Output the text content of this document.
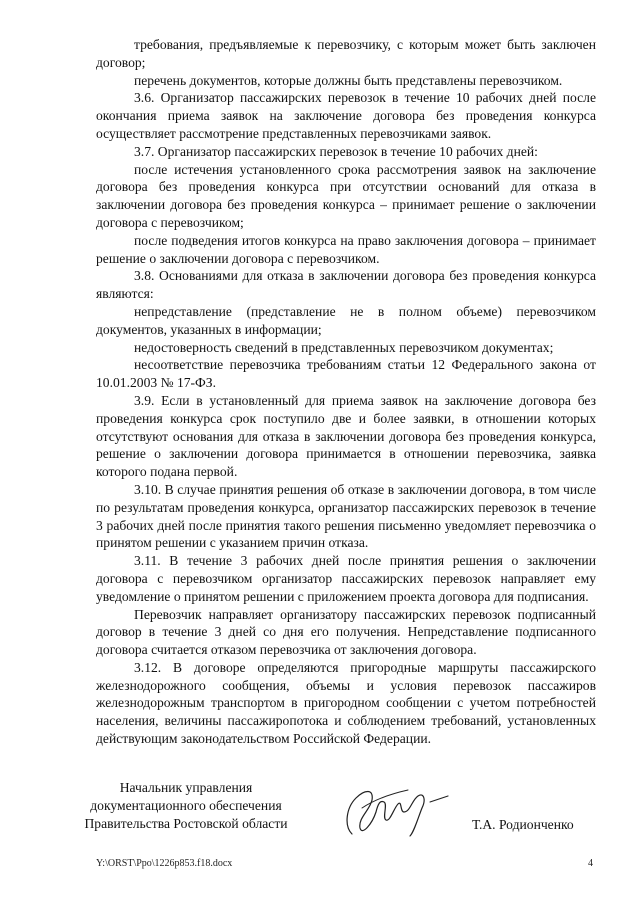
требования, предъявляемые к перевозчику, с которым может быть заключен договор;

перечень документов, которые должны быть представлены перевозчиком.

3.6. Организатор пассажирских перевозок в течение 10 рабочих дней после окончания приема заявок на заключение договора без проведения конкурса осуществляет рассмотрение представленных перевозчиками заявок.

3.7. Организатор пассажирских перевозок в течение 10 рабочих дней:

после истечения установленного срока рассмотрения заявок на заключение договора без проведения конкурса при отсутствии оснований для отказа в заключении договора без проведения конкурса – принимает решение о заключении договора с перевозчиком;

после подведения итогов конкурса на право заключения договора – принимает решение о заключении договора с перевозчиком.

3.8. Основаниями для отказа в заключении договора без проведения конкурса являются:

непредставление (представление не в полном объеме) перевозчиком документов, указанных в информации;

недостоверность сведений в представленных перевозчиком документах;

несоответствие перевозчика требованиям статьи 12 Федерального закона от 10.01.2003 № 17-ФЗ.

3.9. Если в установленный для приема заявок на заключение договора без проведения конкурса срок поступило две и более заявки, в отношении которых отсутствуют основания для отказа в заключении договора без проведения конкурса, решение о заключении договора принимается в отношении перевозчика, заявка которого подана первой.

3.10. В случае принятия решения об отказе в заключении договора, в том числе по результатам проведения конкурса, организатор пассажирских перевозок в течение 3 рабочих дней после принятия такого решения письменно уведомляет перевозчика о принятом решении с указанием причин отказа.

3.11. В течение 3 рабочих дней после принятия решения о заключении договора с перевозчиком организатор пассажирских перевозок направляет ему уведомление о принятом решении с приложением проекта договора для подписания.

Перевозчик направляет организатору пассажирских перевозок подписанный договор в течение 3 дней со дня его получения. Непредставление подписанного договора считается отказом перевозчика от заключения договора.

3.12. В договоре определяются пригородные маршруты пассажирского железнодорожного сообщения, объемы и условия перевозок пассажиров железнодорожным транспортом в пригородном сообщении с учетом потребностей населения, величины пассажиропотока и соблюдением требований, установленных действующим законодательством Российской Федерации.

Начальник управления
документационного обеспечения
Правительства Ростовской области	Т.А. Родионченко
Y:\ORST\Ppo\1226p853.f18.docx	4
